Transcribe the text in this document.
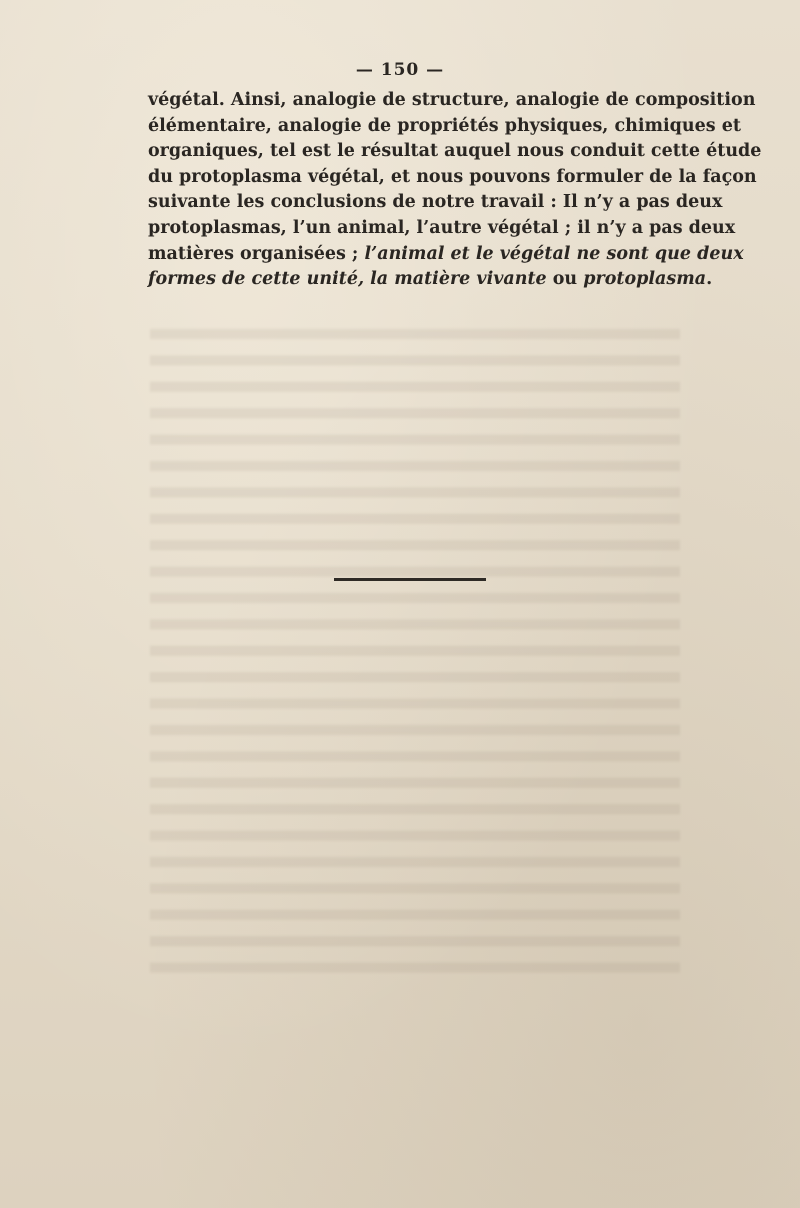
— 150 —
végétal. Ainsi, analogie de structure, analogie de composition
élémentaire, analogie de propriétés physiques, chimiques et
organiques, tel est le résultat auquel nous conduit cette étude
du protoplasma végétal, et nous pouvons formuler de la façon
suivante les conclusions de notre travail : Il n’y a pas deux
protoplasmas, l’un animal, l’autre végétal ; il n’y a pas deux
matières organisées ; l’animal et le végétal ne sont que deux
formes de cette unité, la matière vivante ou protoplasma.
